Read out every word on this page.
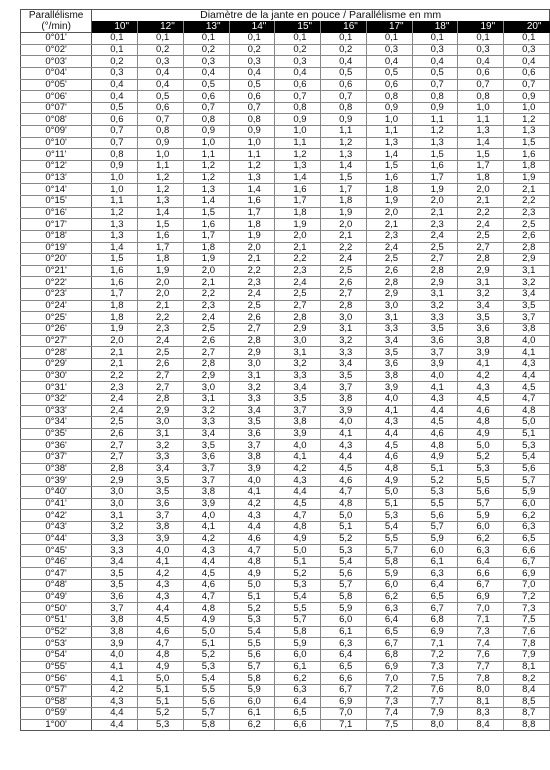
Parallélisme
(°/min)	Diamètre de la jante en pouce / Parallélisme en mm									
	10"	12"	13"	14"	15"	16"	17"	18"	19"	20"
0°01'	0,1	0,1	0,1	0,1	0,1	0,1	0,1	0,1	0,1	0,1
0°02'	0,1	0,2	0,2	0,2	0,2	0,2	0,3	0,3	0,3	0,3
0°03'	0,2	0,3	0,3	0,3	0,3	0,4	0,4	0,4	0,4	0,4
0°04'	0,3	0,4	0,4	0,4	0,4	0,5	0,5	0,5	0,6	0,6
0°05'	0,4	0,4	0,5	0,5	0,6	0,6	0,6	0,7	0,7	0,7
0°06'	0,4	0,5	0,6	0,6	0,7	0,7	0,8	0,8	0,8	0,9
0°07'	0,5	0,6	0,7	0,7	0,8	0,8	0,9	0,9	1,0	1,0
0°08'	0,6	0,7	0,8	0,8	0,9	0,9	1,0	1,1	1,1	1,2
0°09'	0,7	0,8	0,9	0,9	1,0	1,1	1,1	1,2	1,3	1,3
0°10'	0,7	0,9	1,0	1,0	1,1	1,2	1,3	1,3	1,4	1,5
0°11'	0,8	1,0	1,1	1,1	1,2	1,3	1,4	1,5	1,5	1,6
0°12'	0,9	1,1	1,2	1,2	1,3	1,4	1,5	1,6	1,7	1,8
0°13'	1,0	1,2	1,2	1,3	1,4	1,5	1,6	1,7	1,8	1,9
0°14'	1,0	1,2	1,3	1,4	1,6	1,7	1,8	1,9	2,0	2,1
0°15'	1,1	1,3	1,4	1,6	1,7	1,8	1,9	2,0	2,1	2,2
0°16'	1,2	1,4	1,5	1,7	1,8	1,9	2,0	2,1	2,2	2,3
0°17'	1,3	1,5	1,6	1,8	1,9	2,0	2,1	2,3	2,4	2,5
0°18'	1,3	1,6	1,7	1,9	2,0	2,1	2,3	2,4	2,5	2,6
0°19'	1,4	1,7	1,8	2,0	2,1	2,2	2,4	2,5	2,7	2,8
0°20'	1,5	1,8	1,9	2,1	2,2	2,4	2,5	2,7	2,8	2,9
0°21'	1,6	1,9	2,0	2,2	2,3	2,5	2,6	2,8	2,9	3,1
0°22'	1,6	2,0	2,1	2,3	2,4	2,6	2,8	2,9	3,1	3,2
0°23'	1,7	2,0	2,2	2,4	2,5	2,7	2,9	3,1	3,2	3,4
0°24'	1,8	2,1	2,3	2,5	2,7	2,8	3,0	3,2	3,4	3,5
0°25'	1,8	2,2	2,4	2,6	2,8	3,0	3,1	3,3	3,5	3,7
0°26'	1,9	2,3	2,5	2,7	2,9	3,1	3,3	3,5	3,6	3,8
0°27'	2,0	2,4	2,6	2,8	3,0	3,2	3,4	3,6	3,8	4,0
0°28'	2,1	2,5	2,7	2,9	3,1	3,3	3,5	3,7	3,9	4,1
0°29'	2,1	2,6	2,8	3,0	3,2	3,4	3,6	3,9	4,1	4,3
0°30'	2,2	2,7	2,9	3,1	3,3	3,5	3,8	4,0	4,2	4,4
0°31'	2,3	2,7	3,0	3,2	3,4	3,7	3,9	4,1	4,3	4,5
0°32'	2,4	2,8	3,1	3,3	3,5	3,8	4,0	4,3	4,5	4,7
0°33'	2,4	2,9	3,2	3,4	3,7	3,9	4,1	4,4	4,6	4,8
0°34'	2,5	3,0	3,3	3,5	3,8	4,0	4,3	4,5	4,8	5,0
0°35'	2,6	3,1	3,4	3,6	3,9	4,1	4,4	4,6	4,9	5,1
0°36'	2,7	3,2	3,5	3,7	4,0	4,3	4,5	4,8	5,0	5,3
0°37'	2,7	3,3	3,6	3,8	4,1	4,4	4,6	4,9	5,2	5,4
0°38'	2,8	3,4	3,7	3,9	4,2	4,5	4,8	5,1	5,3	5,6
0°39'	2,9	3,5	3,7	4,0	4,3	4,6	4,9	5,2	5,5	5,7
0°40'	3,0	3,5	3,8	4,1	4,4	4,7	5,0	5,3	5,6	5,9
0°41'	3,0	3,6	3,9	4,2	4,5	4,8	5,1	5,5	5,7	6,0
0°42'	3,1	3,7	4,0	4,3	4,7	5,0	5,3	5,6	5,9	6,2
0°43'	3,2	3,8	4,1	4,4	4,8	5,1	5,4	5,7	6,0	6,3
0°44'	3,3	3,9	4,2	4,6	4,9	5,2	5,5	5,9	6,2	6,5
0°45'	3,3	4,0	4,3	4,7	5,0	5,3	5,7	6,0	6,3	6,6
0°46'	3,4	4,1	4,4	4,8	5,1	5,4	5,8	6,1	6,4	6,7
0°47'	3,5	4,2	4,5	4,9	5,2	5,6	5,9	6,3	6,6	6,9
0°48'	3,5	4,3	4,6	5,0	5,3	5,7	6,0	6,4	6,7	7,0
0°49'	3,6	4,3	4,7	5,1	5,4	5,8	6,2	6,5	6,9	7,2
0°50'	3,7	4,4	4,8	5,2	5,5	5,9	6,3	6,7	7,0	7,3
0°51'	3,8	4,5	4,9	5,3	5,7	6,0	6,4	6,8	7,1	7,5
0°52'	3,8	4,6	5,0	5,4	5,8	6,1	6,5	6,9	7,3	7,6
0°53'	3,9	4,7	5,1	5,5	5,9	6,3	6,7	7,1	7,4	7,8
0°54'	4,0	4,8	5,2	5,6	6,0	6,4	6,8	7,2	7,6	7,9
0°55'	4,1	4,9	5,3	5,7	6,1	6,5	6,9	7,3	7,7	8,1
0°56'	4,1	5,0	5,4	5,8	6,2	6,6	7,0	7,5	7,8	8,2
0°57'	4,2	5,1	5,5	5,9	6,3	6,7	7,2	7,6	8,0	8,4
0°58'	4,3	5,1	5,6	6,0	6,4	6,9	7,3	7,7	8,1	8,5
0°59'	4,4	5,2	5,7	6,1	6,5	7,0	7,4	7,9	8,3	8,7
1°00'	4,4	5,3	5,8	6,2	6,6	7,1	7,5	8,0	8,4	8,8
